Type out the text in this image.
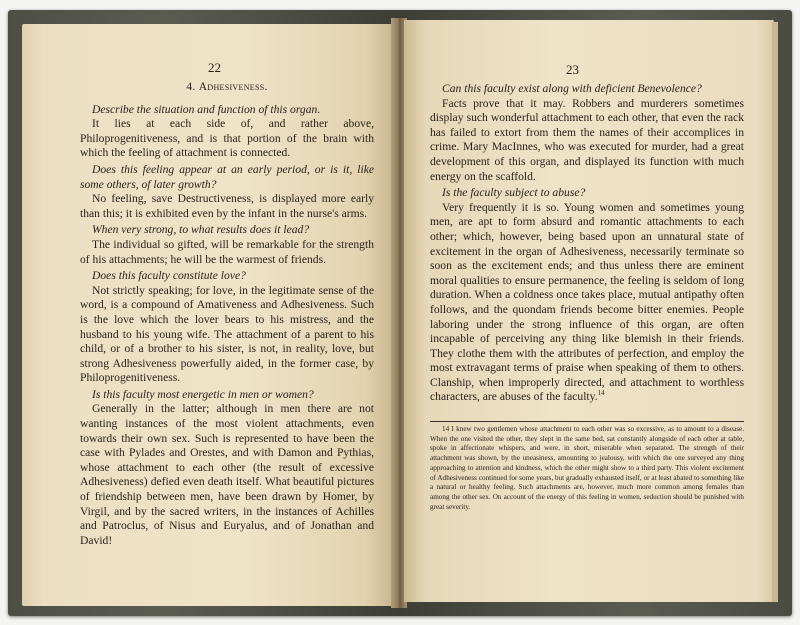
22
4. Adhesiveness.

Describe the situation and function of this organ.

It lies at each side of, and rather above, Philoprogenitiveness, and is that portion of the brain with which the feeling of attachment is connected.

Does this feeling appear at an early period, or is it, like some others, of later growth?

No feeling, save Destructiveness, is displayed more early than this; it is exhibited even by the infant in the nurse's arms.

When very strong, to what results does it lead?

The individual so gifted, will be remarkable for the strength of his attachments; he will be the warmest of friends.

Does this faculty constitute love?

Not strictly speaking; for love, in the legitimate sense of the word, is a compound of Amativeness and Adhesiveness. Such is the love which the lover bears to his mistress, and the husband to his young wife. The attachment of a parent to his child, or of a brother to his sister, is not, in reality, love, but strong Adhesiveness powerfully aided, in the former case, by Philoprogenitiveness.

Is this faculty most energetic in men or women?

Generally in the latter; although in men there are not wanting instances of the most violent attachments, even towards their own sex. Such is represented to have been the case with Pylades and Orestes, and with Damon and Pythias, whose attachment to each other (the result of excessive Adhesiveness) defied even death itself. What beautiful pictures of friendship between men, have been drawn by Homer, by Virgil, and by the sacred writers, in the instances of Achilles and Patroclus, of Nisus and Euryalus, and of Jonathan and David!

23

Can this faculty exist along with deficient Benevolence?

Facts prove that it may. Robbers and murderers sometimes display such wonderful attachment to each other, that even the rack has failed to extort from them the names of their accomplices in crime. Mary MacInnes, who was executed for murder, had a great development of this organ, and displayed its function with much energy on the scaffold.

Is the faculty subject to abuse?

Very frequently it is so. Young women and sometimes young men, are apt to form absurd and romantic attachments to each other; which, however, being based upon an unnatural state of excitement in the organ of Adhesiveness, necessarily terminate so soon as the excitement ends; and thus unless there are eminent moral qualities to ensure permanence, the feeling is seldom of long duration. When a coldness once takes place, mutual antipathy often follows, and the quondam friends become bitter enemies. People laboring under the strong influence of this organ, are often incapable of perceiving any thing like blemish in their friends. They clothe them with the attributes of perfection, and employ the most extravagant terms of praise when speaking of them to others. Clanship, when improperly directed, and attachment to worthless characters, are abuses of the faculty.$^{14}$

14 I knew two gentlemen whose attachment to each other was so excessive, as to amount to a disease. When the one visited the other, they slept in the same bed, sat constantly alongside of each other at table, spoke in affectionate whispers, and were, in short, miserable when separated. The strength of their attachment was shown, by the uneasiness, amounting to jealousy, with which the one surveyed any thing approaching to attention and kindness, which the other might show to a third party. This violent excitement of Adhesiveness continued for some years, but gradually exhausted itself, or at least abated to something like a natural or healthy feeling. Such attachments are, however, much more common among females than among the other sex. On account of the energy of this feeling in women, seduction should be punished with great severity.
